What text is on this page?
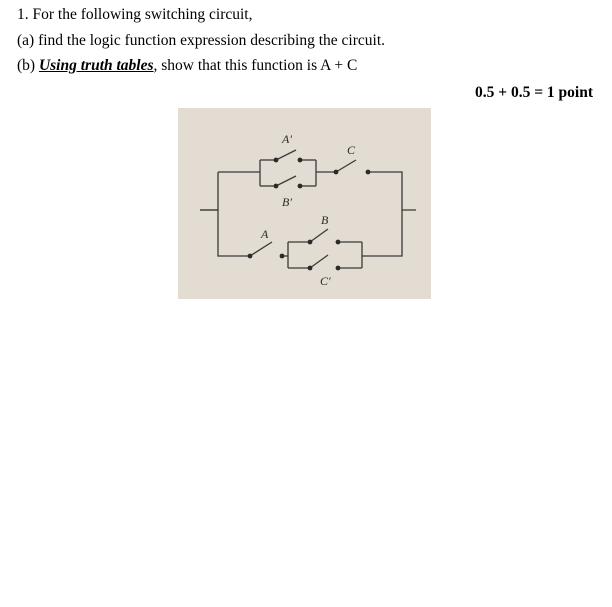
1. For the following switching circuit,
(a) find the logic function expression describing the circuit.
(b) Using truth tables, show that this function is A + C
0.5 + 0.5 = 1 point
A′
C
B′
B
A
C′
